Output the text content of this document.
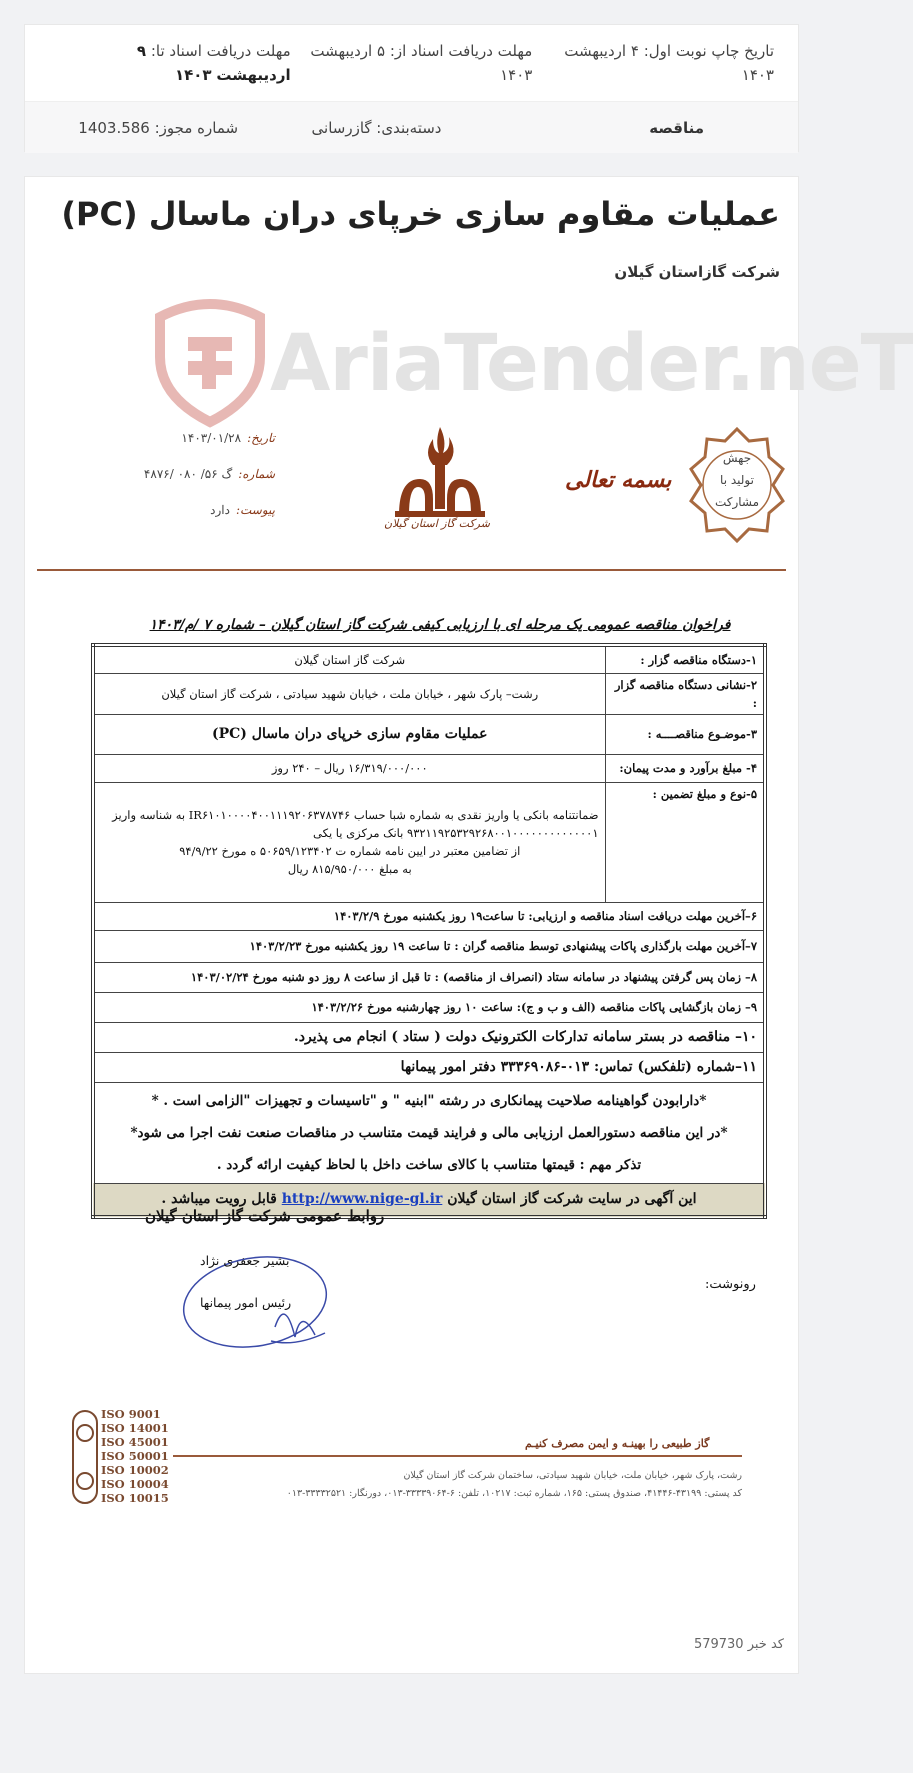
تاریخ چاپ نوبت اول: ۴ اردیبهشت ۱۴۰۳
مهلت دریافت اسناد از: ۵ اردیبهشت ۱۴۰۳
مهلت دریافت اسناد تا: ۹ اردیبهشت ۱۴۰۳
مناقصه
دسته‌بندی: گازرسانی
شماره مجوز: 1403.586
عملیات مقاوم سازی خرپای دران ماسال (PC)
شرکت گازاستان گیلان
AriaTender.neT
تاریخ:۱۴۰۳/۰۱/۲۸
شماره:گ ۵۶/ ۰۸۰ /۴۸۷۶
پیوست:دارد
شرکت گاز استان گیلان
بسمه تعالی
جهش
تولید با
مشارکت
فراخوان مناقصه عمومی یک مرحله ای با ارزیابی کیفی شرکت گاز استان گیلان – شماره ۷ /م/۱۴۰۳
۱-دستگاه مناقصه گزار :	شرکت گاز استان گیلان
۲-نشانی دستگاه مناقصه گزار :	رشت– پارک شهر ، خیابان ملت ، خیابان شهید سیادتی ، شرکت گاز استان گیلان
۳-موضـوع مناقصــــه :	عملیات مقاوم سازی خرپای دران ماسال (PC)
۴- مبلغ برآورد و مدت پیمان:	۱۶/۳۱۹/۰۰۰/۰۰۰ ریال – ۲۴۰ روز
۵-نوع و مبلغ تضمین :	ضمانتنامه بانکی یا واریز نقدی به شماره شبا حساب IR۶۱۰۱۰۰۰۰۴۰۰۱۱۱۹۲۰۶۳۷۸۷۴۶ به شناسه واریز
۹۳۲۱۱۹۲۵۳۲۹۲۶۸۰۰۱۰۰۰۰۰۰۰۰۰۰۰۰۰۱ بانک مرکزی یا یکی
از تضامین معتبر در ایین نامه شماره ت ۵۰۶۵۹/۱۲۳۴۰۲ ه مورخ ۹۴/۹/۲۲
به مبلغ ۸۱۵/۹۵۰/۰۰۰ ریال

۶–آخرین مهلت دریافت اسناد مناقصه و ارزیابی: تا ساعت۱۹ روز یکشنبه مورخ ۱۴۰۳/۲/۹	
۷–آخرین مهلت بارگذاری پاکات پیشنهادی توسط مناقصه گران : تا ساعت ۱۹ روز یکشنبه مورخ ۱۴۰۳/۲/۲۳	
۸– زمان پس گرفتن پیشنهاد در سامانه ستاد (انصراف از مناقصه) : تا قبل از ساعت ۸ روز دو شنبه مورخ ۱۴۰۳/۰۲/۲۴	
۹– زمان بازگشایی پاکات مناقصه (الف و ب و ج): ساعت ۱۰ روز چهارشنبه مورخ ۱۴۰۳/۲/۲۶	
۱۰– مناقصه در بستر سامانه تدارکات الکترونیک دولت ( ستاد ) انجام می پذیرد.	
۱۱–شماره (تلفکس) تماس: ۰۱۳-۳۳۳۶۹۰۸۶ دفتر امور پیمانها	

*دارابودن گواهینامه صلاحیت پیمانکاری در رشته "ابنیه " و "تاسیسات و تجهیزات "الزامی است . *
*در این مناقصه دستورالعمل ارزیابی مالی و فرایند قیمت متناسب در مناقصات صنعت نفت اجرا می شود*
تذکر مهم : قیمتها متناسب با کالای ساخت داخل با لحاظ کیفیت ارائه گردد .	

این آگهی در سایت شرکت گاز استان گیلان http://www.nige-gl.ir قابل رویت میباشد .	
روابط عمومی شرکت گاز استان گیلان
بشیر جعفری نژاد
رئیس امور پیمانها
رونوشت:
ISO 9001
ISO 14001
ISO 45001
ISO 50001
ISO 10002
ISO 10004
ISO 10015
گاز طبیعی را بهینـه و ایمن مصرف کنیـم
رشت، پارک شهر، خیابان ملت، خیابان شهید سیادتی، ساختمان شرکت گاز استان گیلان
کد پستی: ۴۳۱۹۹-۴۱۴۴۶، صندوق پستی: ۱۶۵، شماره ثبت: ۱۰۲۱۷، تلفن: ۶-۳۳۳۳۹۰۶۴-۰۱۳، دورنگار: ۳۳۳۳۲۵۲۱-۰۱۳
کد خبر 579730
